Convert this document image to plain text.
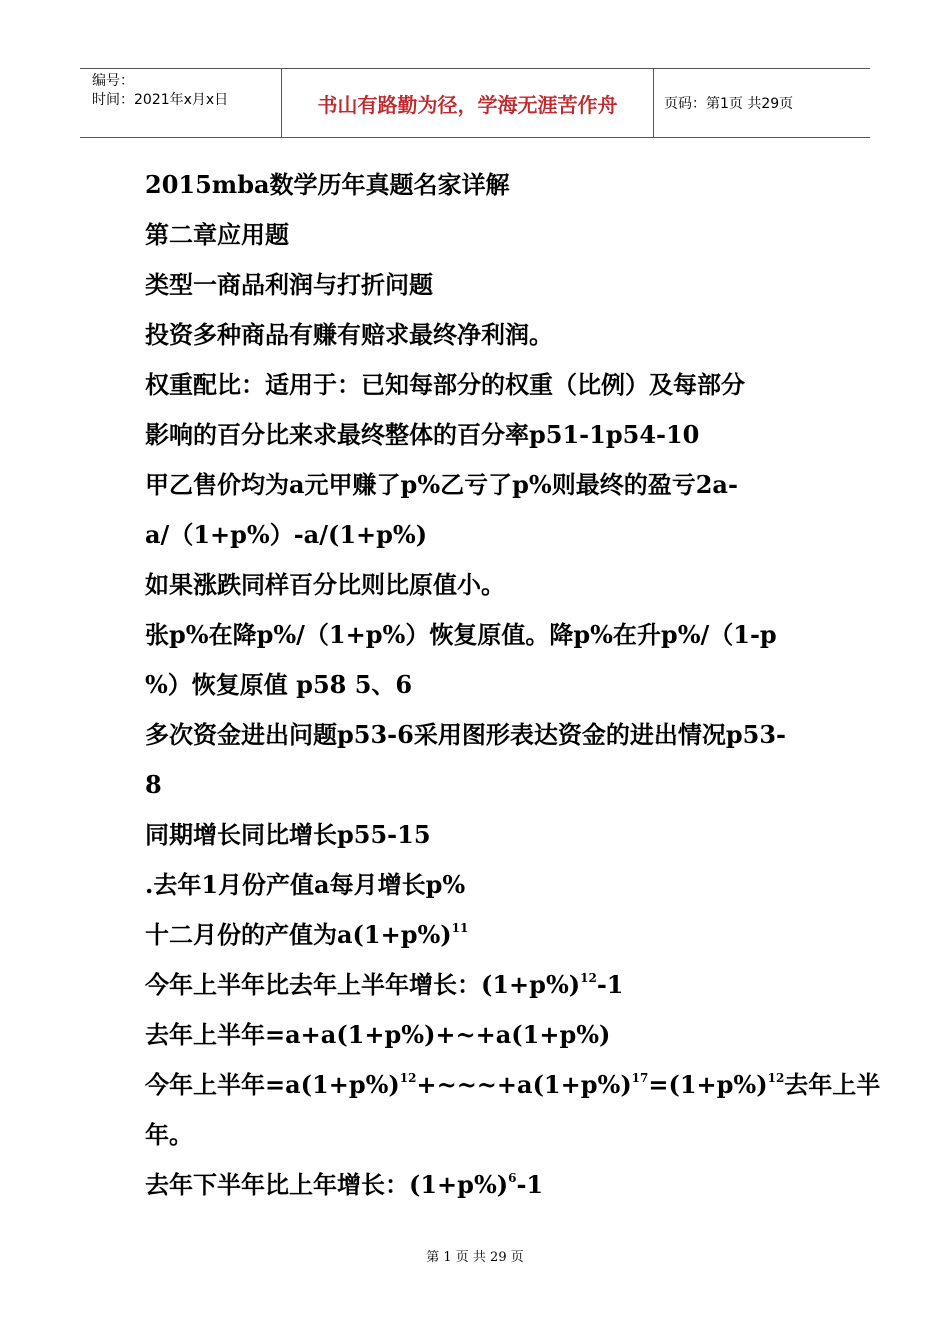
编号：
时间：2021年x月x日	书山有路勤为径，学海无涯苦作舟	页码：第1页 共29页
2015mba数学历年真题名家详解
第二章应用题
类型一商品利润与打折问题
投资多种商品有赚有赔求最终净利润。
权重配比：适用于：已知每部分的权重（比例）及每部分
影响的百分比来求最终整体的百分率p51-1p54-10
甲乙售价均为a元甲赚了p%乙亏了p%则最终的盈亏2a-
a/（1+p%）-a/(1+p%)
如果涨跌同样百分比则比原值小。
张p%在降p%/（1+p%）恢复原值。降p%在升p%/（1-p
%）恢复原值 p58 5、6
多次资金进出问题p53-6采用图形表达资金的进出情况p53-
8
同期增长同比增长p55-15
.去年1月份产值a每月增长p%
十二月份的产值为$a(1+p\%)^{11}$
今年上半年比去年上半年增长：$(1+p\%)^{12}-1$
去年上半年=a+a(1+p%)+~+a(1+p%)
今年上半年$=a(1+p\%)^{12}+\sim\sim\sim+a(1+p\%)^{17}=(1+p\%)^{12}$去年上半
年。
去年下半年比上年增长：$(1+p\%)^6-1$
第 1 页 共 29 页
